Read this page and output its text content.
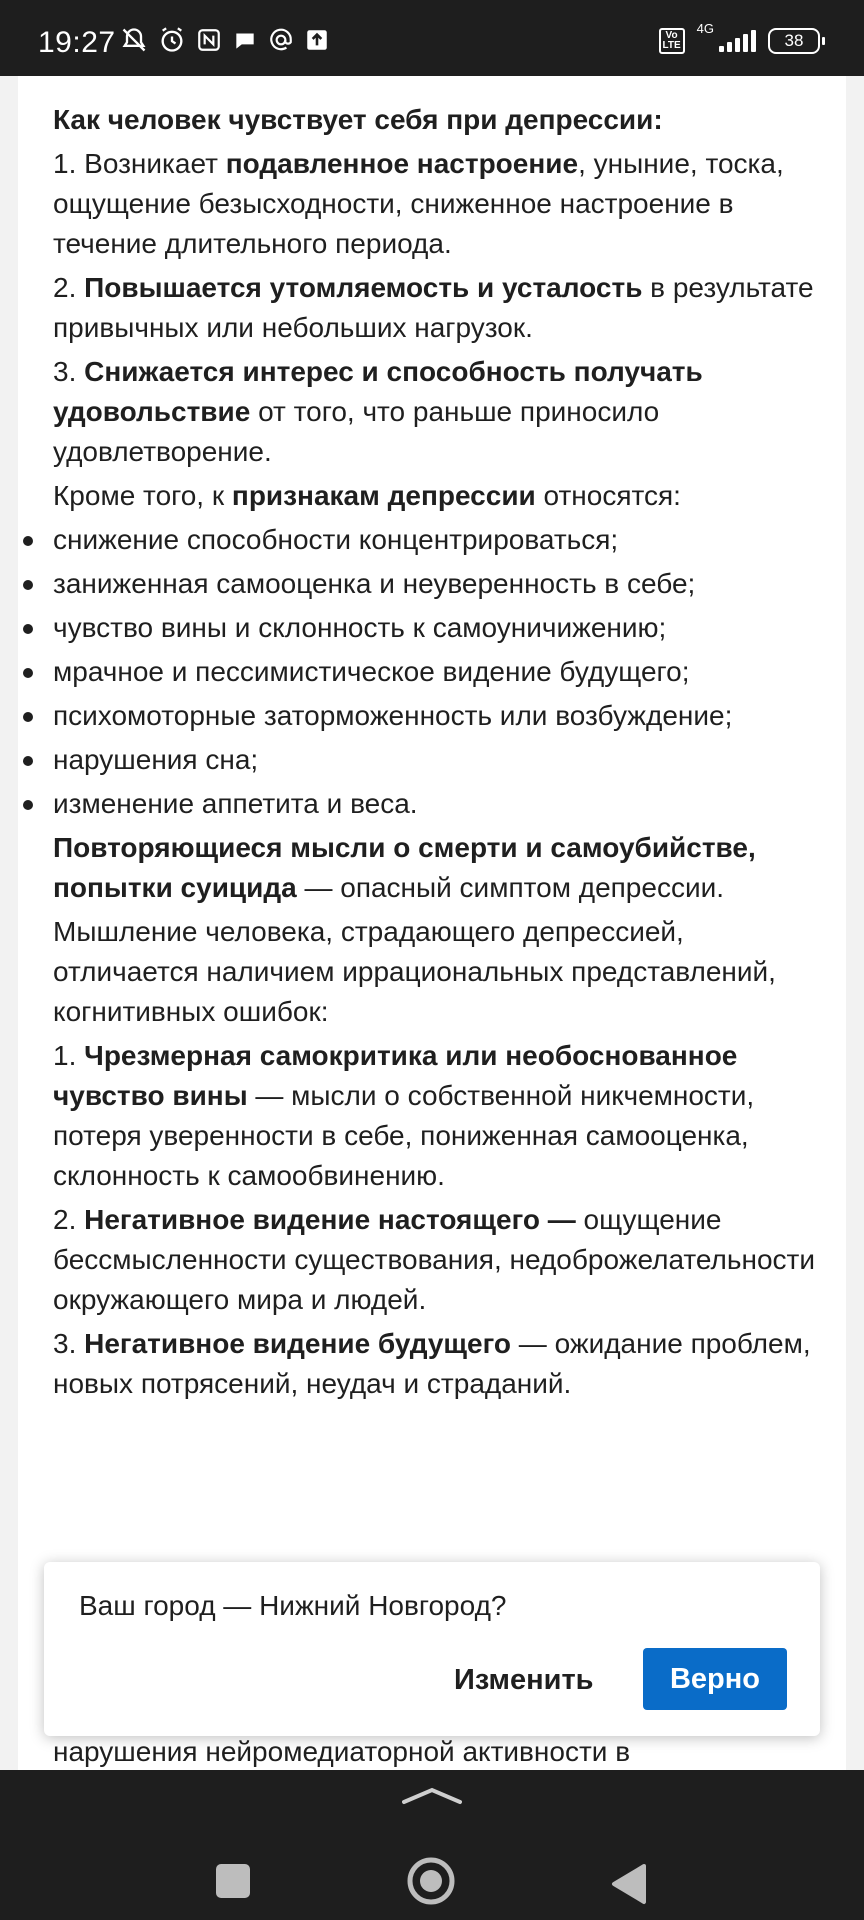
19:27	Vo
LTE
4G
38

Как человек чувствует себя при депрессии:

1. Возникает подавленное настроение, уныние, тоска, ощущение безысходности, сниженное настроение в течение длительного периода.

2. Повышается утомляемость и усталость в результате привычных или небольших нагрузок.

3. Снижается интерес и способность получать удовольствие от того, что раньше приносило удовлетворение.

Кроме того, к признакам депрессии относятся:

снижение способности концентрироваться;
заниженная самооценка и неуверенность в себе;
чувство вины и склонность к самоуничижению;
мрачное и пессимистическое видение будущего;
психомоторные заторможенность или возбуждение;
нарушения сна;
изменение аппетита и веса.

Повторяющиеся мысли о смерти и самоубийстве, попытки суицида — опасный симптом депрессии.

Мышление человека, страдающего депрессией, отличается наличием иррациональных представлений, когнитивных ошибок:

1. Чрезмерная самокритика или необоснованное чувство вины — мысли о собственной никчемности, потеря уверенности в себе, пониженная самооценка, склонность к самообвинению.

2. Негативное видение настоящего — ощущение бессмысленности существования, недоброжелательности окружающего мира и людей.

3. Негативное видение будущего — ожидание проблем, новых потрясений, неудач и страданий.

нарушения нейромедиаторной активности в
Ваш город — Нижний Новгород?
Изменить	Верно
